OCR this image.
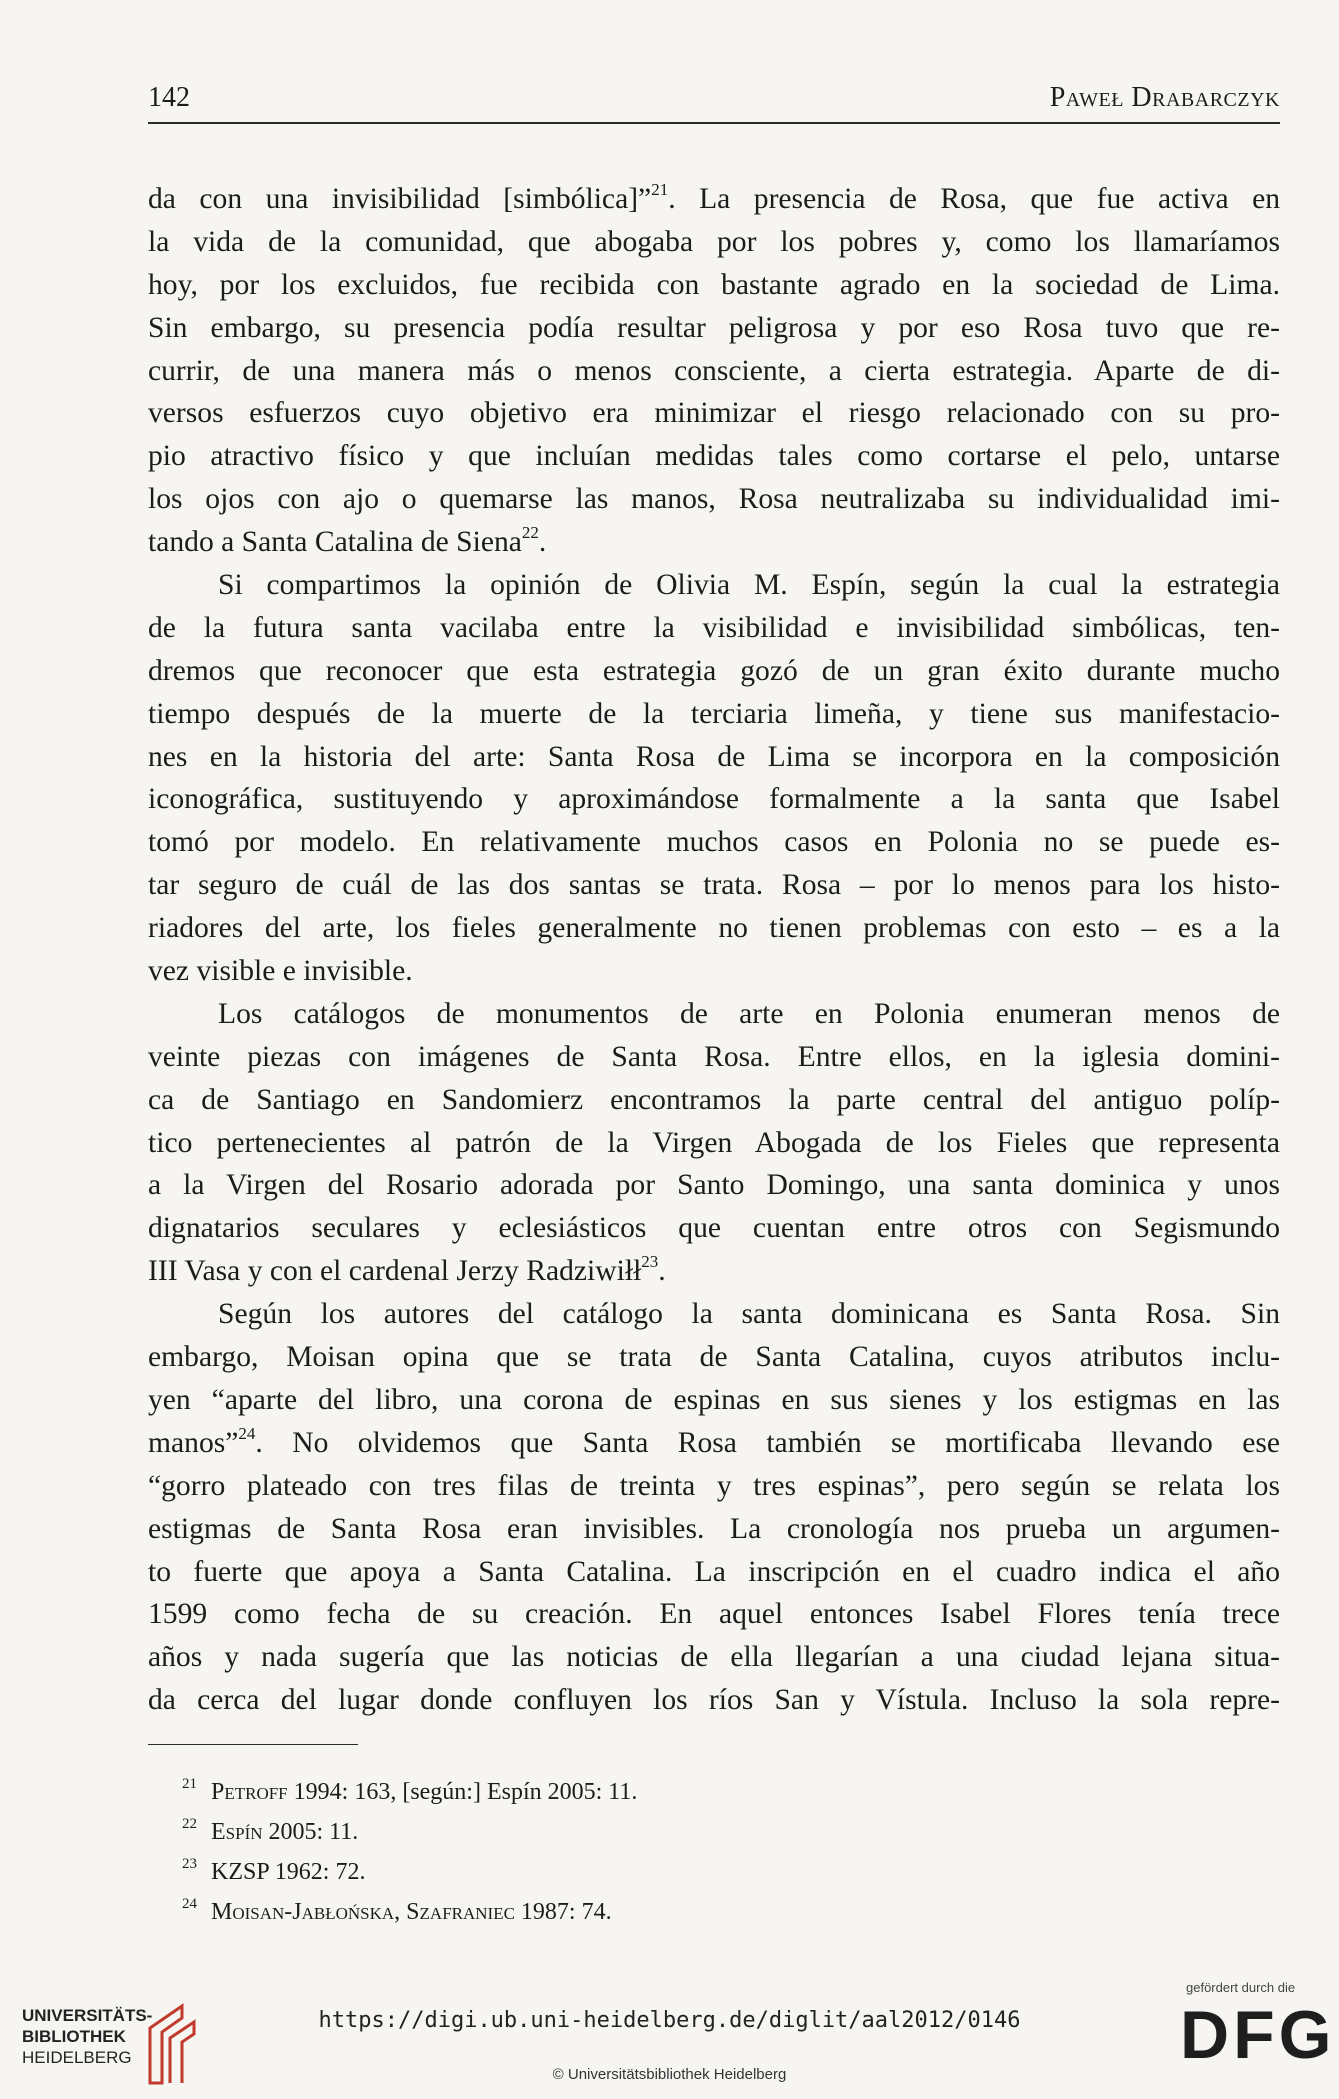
142	Paweł Drabarczyk
da con una invisibilidad [simbólica]”$^{21}$. La presencia de Rosa, que fue activa en
la vida de la comunidad, que abogaba por los pobres y, como los llamaríamos
hoy, por los excluidos, fue recibida con bastante agrado en la sociedad de Lima.
Sin embargo, su presencia podía resultar peligrosa y por eso Rosa tuvo que re-
currir, de una manera más o menos consciente, a cierta estrategia. Aparte de di-
versos esfuerzos cuyo objetivo era minimizar el riesgo relacionado con su pro-
pio atractivo físico y que incluían medidas tales como cortarse el pelo, untarse
los ojos con ajo o quemarse las manos, Rosa neutralizaba su individualidad imi-
tando a Santa Catalina de Siena$^{22}$.
Si compartimos la opinión de Olivia M. Espín, según la cual la estrategia
de la futura santa vacilaba entre la visibilidad e invisibilidad simbólicas, ten-
dremos que reconocer que esta estrategia gozó de un gran éxito durante mucho
tiempo después de la muerte de la terciaria limeña, y tiene sus manifestacio-
nes en la historia del arte: Santa Rosa de Lima se incorpora en la composición
iconográfica, sustituyendo y aproximándose formalmente a la santa que Isabel
tomó por modelo. En relativamente muchos casos en Polonia no se puede es-
tar seguro de cuál de las dos santas se trata. Rosa – por lo menos para los histo-
riadores del arte, los fieles generalmente no tienen problemas con esto – es a la
vez visible e invisible.
Los catálogos de monumentos de arte en Polonia enumeran menos de
veinte piezas con imágenes de Santa Rosa. Entre ellos, en la iglesia domini-
ca de Santiago en Sandomierz encontramos la parte central del antiguo políp-
tico pertenecientes al patrón de la Virgen Abogada de los Fieles que representa
a la Virgen del Rosario adorada por Santo Domingo, una santa dominica y unos
dignatarios seculares y eclesiásticos que cuentan entre otros con Segismundo
III Vasa y con el cardenal Jerzy Radziwiłł$^{23}$.
Según los autores del catálogo la santa dominicana es Santa Rosa. Sin
embargo, Moisan opina que se trata de Santa Catalina, cuyos atributos inclu-
yen “aparte del libro, una corona de espinas en sus sienes y los estigmas en las
manos”$^{24}$. No olvidemos que Santa Rosa también se mortificaba llevando ese
“gorro plateado con tres filas de treinta y tres espinas”, pero según se relata los
estigmas de Santa Rosa eran invisibles. La cronología nos prueba un argumen-
to fuerte que apoya a Santa Catalina. La inscripción en el cuadro indica el año
1599 como fecha de su creación. En aquel entonces Isabel Flores tenía trece
años y nada sugería que las noticias de ella llegarían a una ciudad lejana situa-
da cerca del lugar donde confluyen los ríos San y Vístula. Incluso la sola repre-
$^{21}$ Petroff 1994: 163, [según:] Espín 2005: 11.
$^{22}$ Espín 2005: 11.
$^{23}$ KZSP 1962: 72.
$^{24}$ Moisan-Jabłońska, Szafraniec 1987: 74.
UNIVERSITÄTS-
BIBLIOTHEK
HEIDELBERG
https://digi.ub.uni-heidelberg.de/diglit/aal2012/0146
© Universitätsbibliothek Heidelberg
gefördert durch die
DFG
